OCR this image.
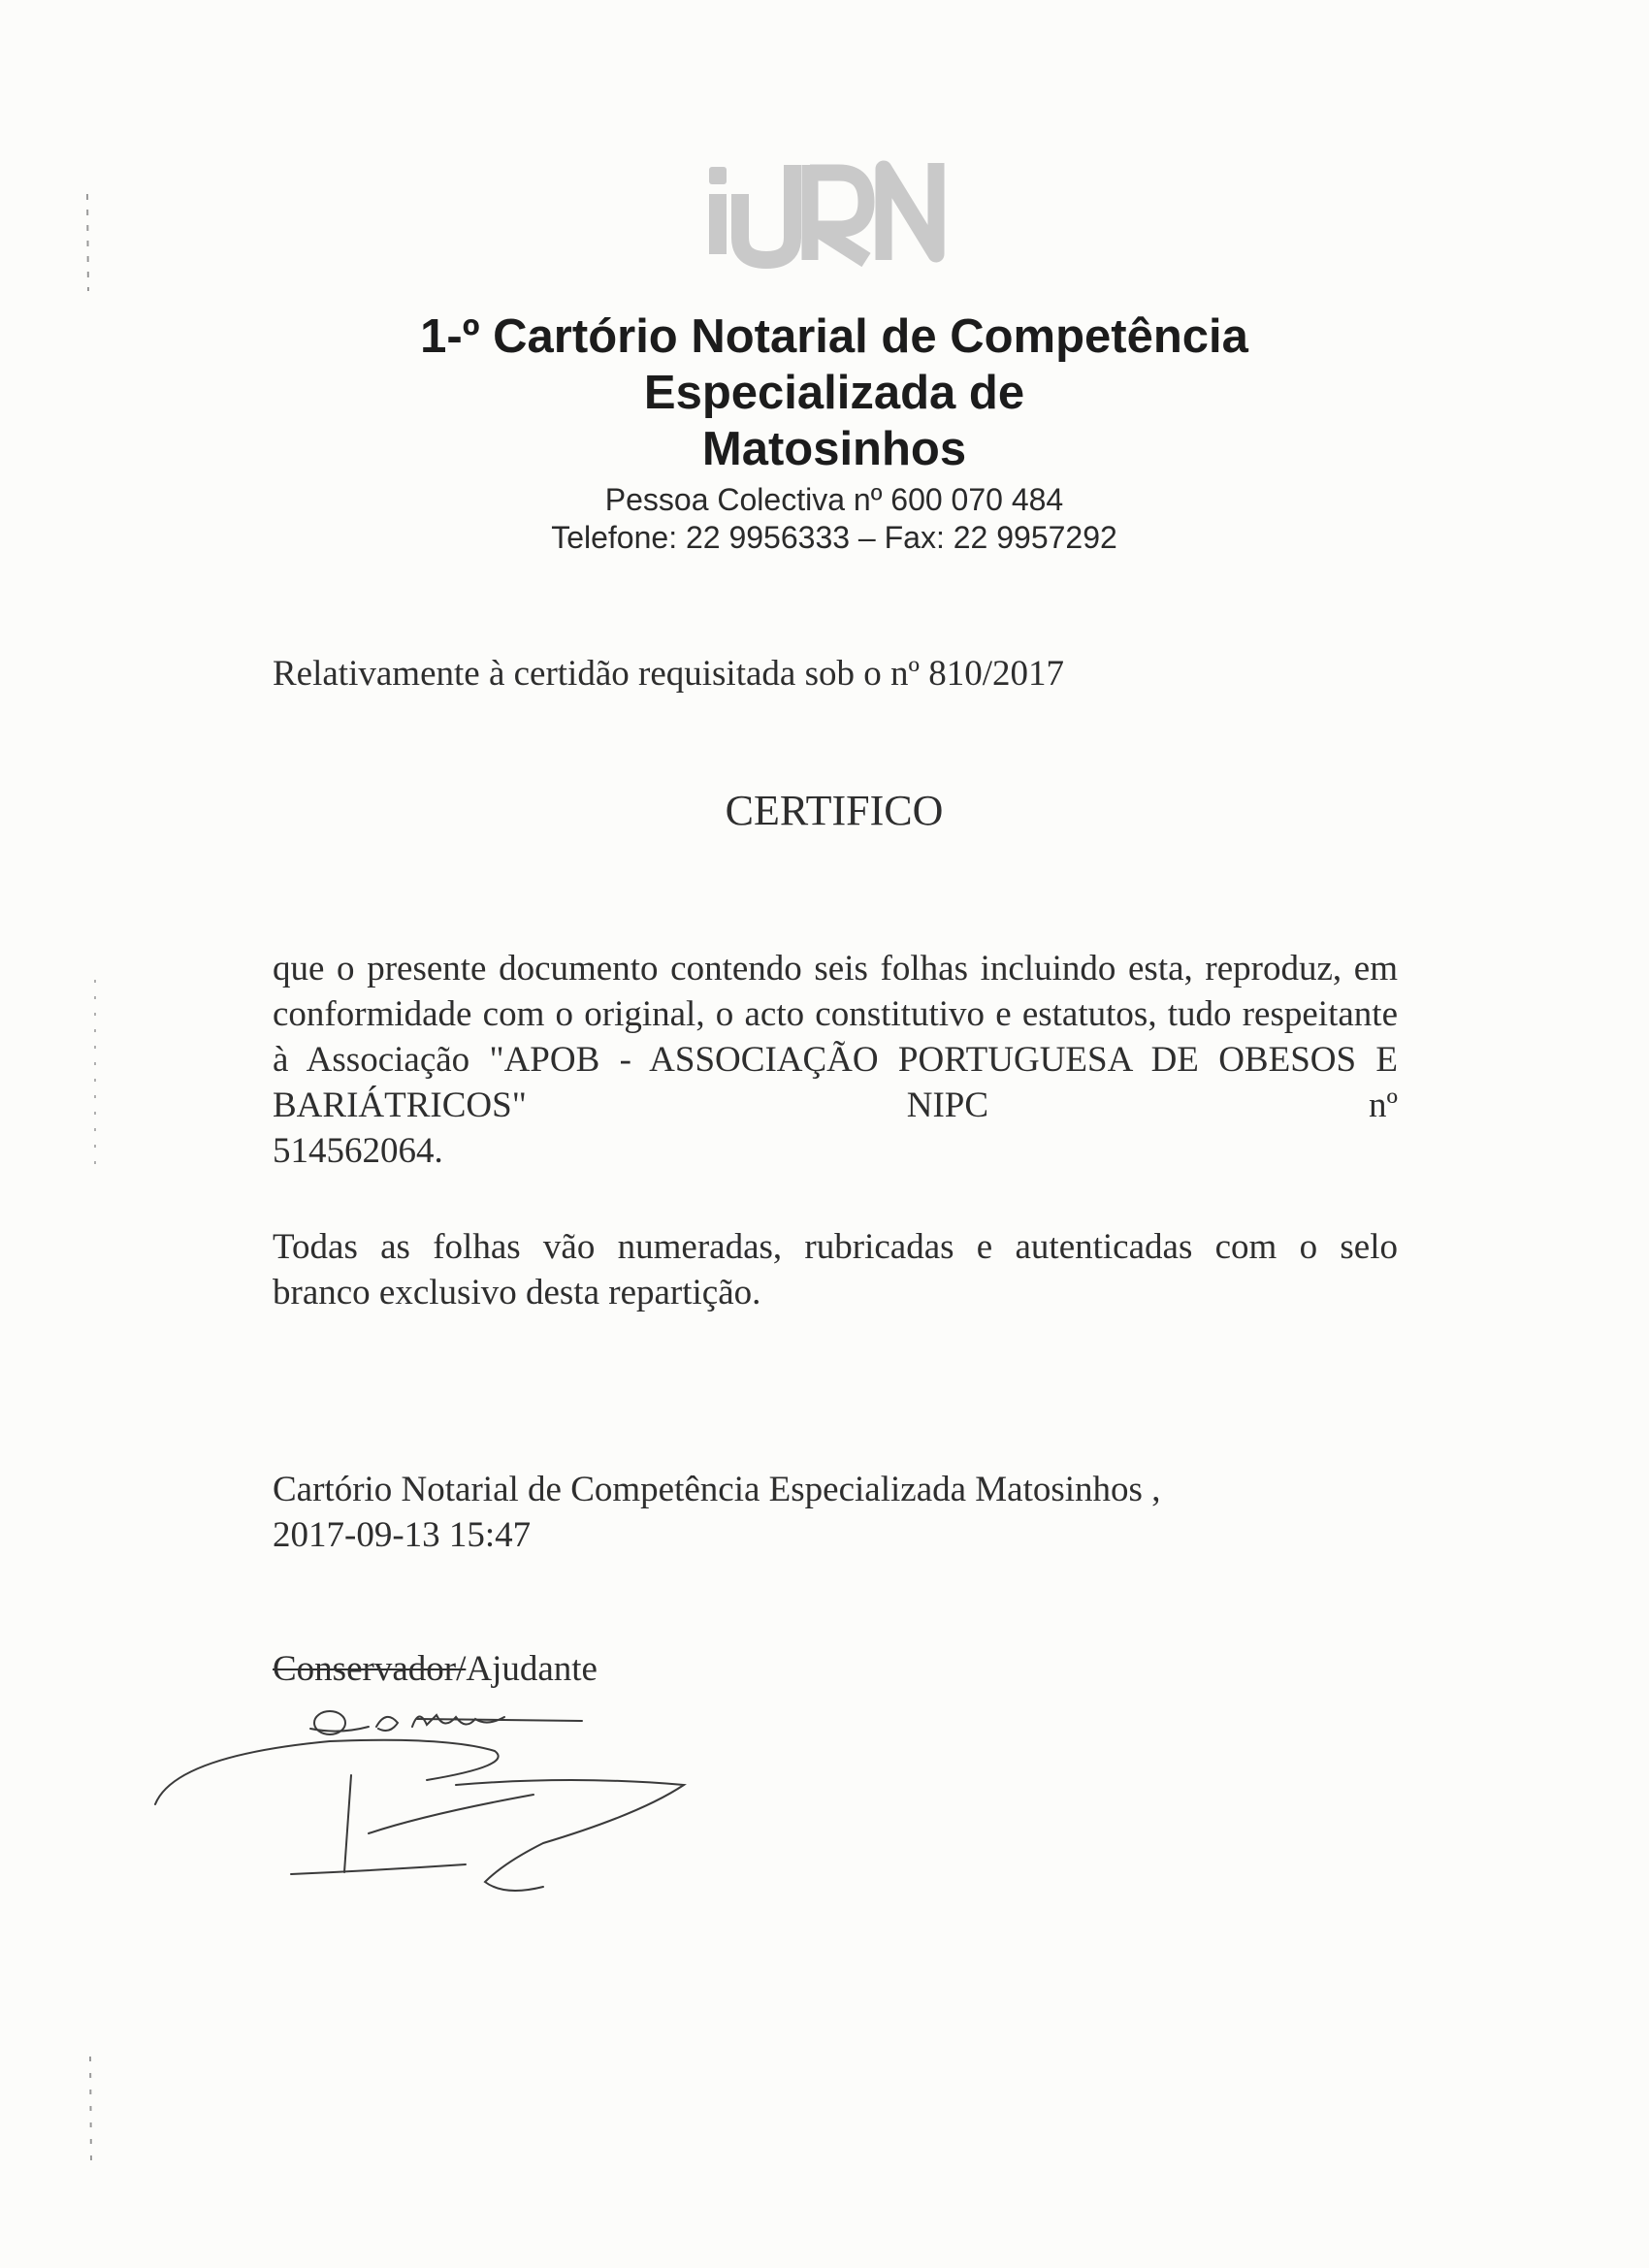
1-º Cartório Notarial de Competência
Especializada de
Matosinhos
Pessoa Colectiva nº 600 070 484
Telefone: 22 9956333 – Fax: 22 9957292
Relativamente à certidão requisitada sob o nº 810/2017
CERTIFICO
que o presente documento contendo seis folhas incluindo esta, reproduz, em conformidade com o original, o acto constitutivo e estatutos, tudo respeitante à Associação "APOB - ASSOCIAÇÃO PORTUGUESA DE OBESOS E BARIÁTRICOS" NIPC nº
514562064.
Todas as folhas vão numeradas, rubricadas e autenticadas com o selo
branco exclusivo desta repartição.
Cartório Notarial de Competência Especializada Matosinhos ,
2017-09-13 15:47
Conservador/Ajudante
